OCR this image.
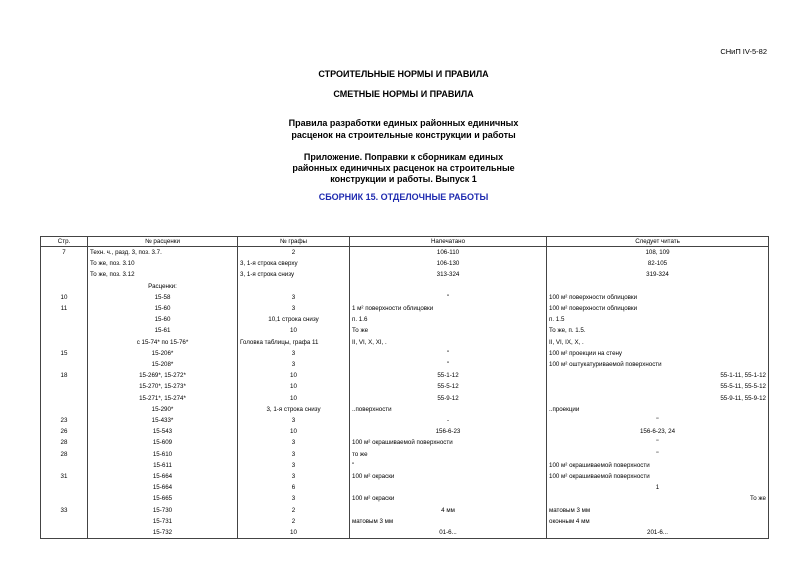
СНиП IV-5-82
СТРОИТЕЛЬНЫЕ НОРМЫ И ПРАВИЛА
СМЕТНЫЕ НОРМЫ И ПРАВИЛА
Правила разработки единых районных единичных
расценок на строительные конструкции и работы
Приложение. Поправки к сборникам единых
районных единичных расценок на строительные
конструкции и работы. Выпуск 1
СБОРНИК 15. ОТДЕЛОЧНЫЕ РАБОТЫ
Стр.	№ расценки	№ графы	Напечатано	Следует читать
7	Техн. ч., разд. 3, поз. 3.7.	2	106-110	108, 109
	То же, поз. 3.10	3, 1-я строка сверху	106-130	82-105
	То же, поз. 3.12	3, 1-я строка снизу	313-324	319-324
	Расценки:			
10	15-58	3	"	100 м² поверхности облицовки
11	15-60	3	1 м² поверхности облицовки	100 м² поверхности облицовки
	15-60	10,1 строка снизу	п. 1.6	п. 1.5
	15-61	10	То же	То же, п. 1.5.
	с 15-74* по 15-76*	Головка таблицы, графа 11	II, VI, X, XI, .	II, VI, IX, X, .
15	15-206*	3	"	100 м² проекции на стену
	15-208*	3	"	100 м² оштукатуриваемой поверхности
18	15-269*, 15-272*	10	55-1-12	55-1-11, 55-1-12
	15-270*, 15-273*	10	55-5-12	55-5-11, 55-5-12
	15-271*, 15-274*	10	55-9-12	55-9-11, 55-9-12
	15-290*	3, 1-я строка снизу	..поверхности	..проекции
23	15-433*	3	-	"
26	15-543	10	156-6-23	156-6-23, 24
28	15-609	3	100 м² окрашиваемой поверхности	"
28	15-610	3	то же	"
	15-611	3	"	100 м² окрашиваемой поверхности
31	15-664	3	100 м² окраски	100 м² окрашиваемой поверхности
	15-664	6		1
	15-665	3	100 м² окраски	То же
33	15-730	2	4 мм	матовым 3 мм
	15-731	2	матовым 3 мм	оконным 4 мм
	15-732	10	01-6...	201-6...
